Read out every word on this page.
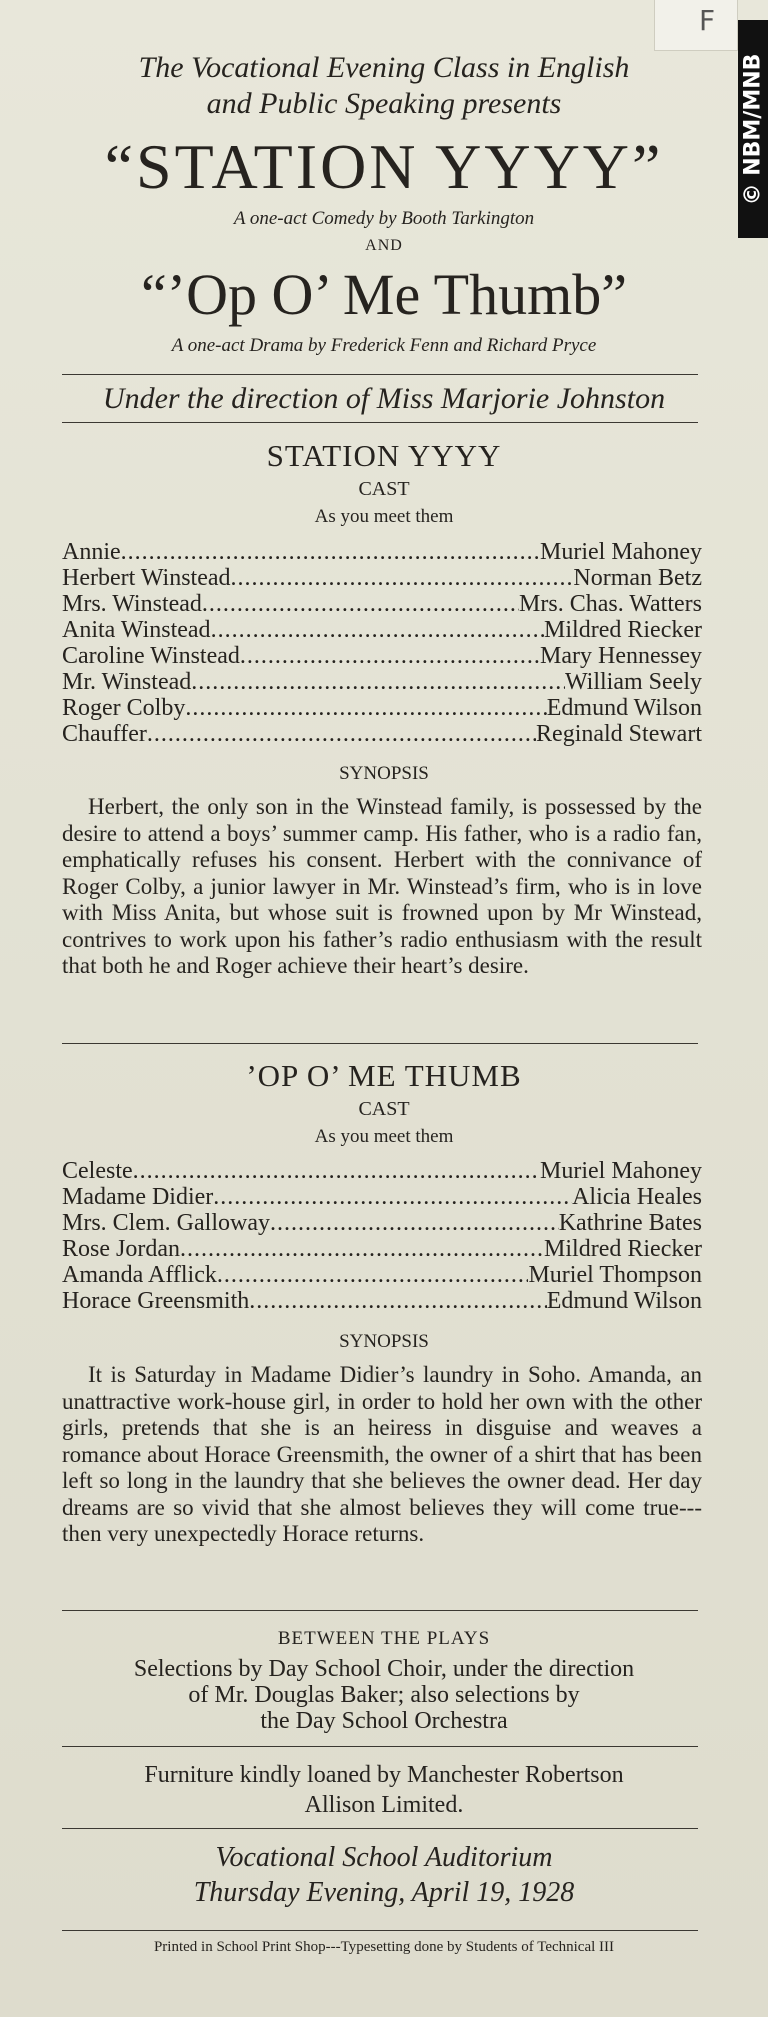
F
© NBM/MNB
The Vocational Evening Class in English
and Public Speaking presents
“STATION YYYY”
A one-act Comedy by Booth Tarkington
AND
“’Op O’ Me Thumb”
A one-act Drama by Frederick Fenn and Richard Pryce
Under the direction of Miss Marjorie Johnston
STATION YYYY
CAST
As you meet them
Annie .....	Muriel Mahoney
Herbert Winstead .....	Norman Betz
Mrs. Winstead .....	Mrs. Chas. Watters
Anita Winstead .....	Mildred Riecker
Caroline Winstead .....	Mary Hennessey
Mr. Winstead .....	William Seely
Roger Colby .....	Edmund Wilson
Chauffer .....	Reginald Stewart
SYNOPSIS
Herbert, the only son in the Winstead family, is possessed by the desire to attend a boys’ summer camp. His father, who is a radio fan, emphatically refuses his consent. Herbert with the connivance of Roger Colby, a junior lawyer in Mr. Winstead’s firm, who is in love with Miss Anita, but whose suit is frowned upon by Mr Winstead, contrives to work upon his father’s radio enthusiasm with the result that both he and Roger achieve their heart’s desire.
’OP O’ ME THUMB
CAST
As you meet them
Celeste .....	Muriel Mahoney
Madame Didier .....	Alicia Heales
Mrs. Clem. Galloway .....	Kathrine Bates
Rose Jordan .....	Mildred Riecker
Amanda Afflick .....	Muriel Thompson
Horace Greensmith .....	Edmund Wilson
SYNOPSIS
It is Saturday in Madame Didier’s laundry in Soho. Amanda, an unattractive work-house girl, in order to hold her own with the other girls, pretends that she is an heiress in disguise and weaves a romance about Horace Greensmith, the owner of a shirt that has been left so long in the laundry that she believes the owner dead. Her day dreams are so vivid that she almost believes they will come true---then very unexpectedly Horace returns.
BETWEEN THE PLAYS
Selections by Day School Choir, under the direction
of Mr. Douglas Baker; also selections by
the Day School Orchestra
Furniture kindly loaned by Manchester Robertson
Allison Limited.
Vocational School Auditorium
Thursday Evening, April 19, 1928
Printed in School Print Shop---Typesetting done by Students of Technical III
